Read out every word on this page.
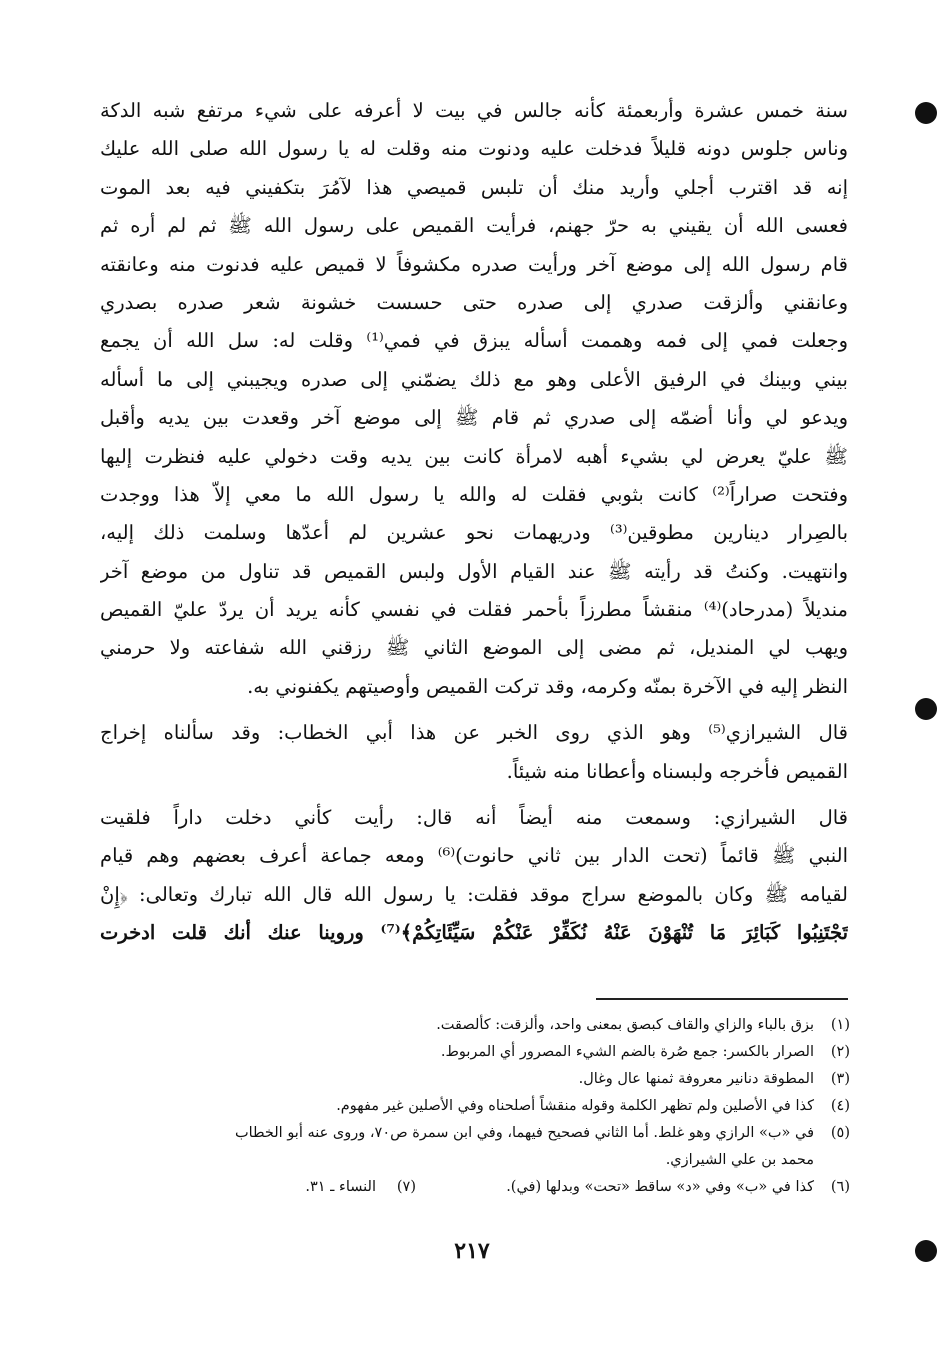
سنة خمس عشرة وأربعمئة كأنه جالس في بيت لا أعرفه على شيء مرتفع شبه الدكة
وناس جلوس دونه قليلاً فدخلت عليه ودنوت منه وقلت له يا رسول الله صلى الله عليك
إنه قد اقترب أجلي وأريد منك أن تلبس قميصي هذا لآمُرَ بتكفيني فيه بعد الموت
فعسى الله أن يقيني به حرّ جهنم، فرأيت القميص على رسول الله ﷺ ثم لم أره ثم
قام رسول الله إلى موضع آخر ورأيت صدره مكشوفاً لا قميص عليه فدنوت منه وعانقته
وعانقني وألزقت صدري إلى صدره حتى حسست خشونة شعر صدره بصدري
وجعلت فمي إلى فمه وهممت أسأله يبزق في فمي⁽¹⁾ وقلت له: سل الله أن يجمع
بيني وبينك في الرفيق الأعلى وهو مع ذلك يضمّني إلى صدره ويجيبني إلى ما أسأله
ويدعو لي وأنا أضمّه إلى صدري ثم قام ﷺ إلى موضع آخر وقعدت بين يديه وأقبل
ﷺ عليّ يعرض لي بشيء أهبه لامرأة كانت بين يديه وقت دخولي عليه فنظرت إليها
وفتحت صراراً⁽²⁾ كانت بثوبي فقلت له والله يا رسول الله ما معي إلاّ هذا ووجدت
بالصِرار دينارين مطوقين⁽³⁾ ودريهمات نحو عشرين لم أعدّها وسلمت ذلك إليه،
وانتهيت. وكنتُ قد رأيته ﷺ عند القيام الأول ولبس القميص قد تناول من موضع آخر
منديلاً (مدرحاد)⁽⁴⁾ منقشاً مطرزاً بأحمر فقلت في نفسي كأنه يريد أن يردّ عليّ القميص
ويهب لي المنديل، ثم مضى إلى الموضع الثاني ﷺ رزقني الله شفاعته ولا حرمني
النظر إليه في الآخرة بمنّه وكرمه، وقد تركت القميص وأوصيتهم يكفنوني به.
قال الشيرازي⁽⁵⁾ وهو الذي روى الخبر عن هذا أبي الخطاب: وقد سألناه إخراج
القميص فأخرجه ولبسناه وأعطانا منه شيئاً.
قال الشيرازي: وسمعت منه أيضاً أنه قال: رأيت كأني دخلت داراً فلقيت
النبي ﷺ قائماً (تحت الدار بين ثاني حانوت)⁽⁶⁾ ومعه جماعة أعرف بعضهم وهم قيام
لقيامه ﷺ وكان بالموضع سراج موقد فقلت: يا رسول الله قال الله تبارك وتعالى: ﴿إِنْ
تَجْتَنِبُوا كَبَائِرَ مَا تُنْهَوْنَ عَنْهُ نُكَفِّرْ عَنْكُمْ سَيِّئَاتِكُمْ﴾⁽⁷⁾ وروينا عنك أنك قلت ادخرت
(١)
بزق بالباء والزاي والقاف كبصق بمعنى واحد، وألزقت: كألصقت.
(٢)
الصرار بالكسر: جمع صُرة بالضم الشيء المصرور أي المربوط.
(٣)
المطوقة دنانير معروفة ثمنها عال وغال.
(٤)
كذا في الأصلين ولم تظهر الكلمة وقوله منقشاً أصلحناه وفي الأصلين غير مفهوم.
(٥)
في «ب» الرازي وهو غلط. أما الثاني فصحيح فيهما، وفي ابن سمرة ص٧٠، وروى عنه أبو الخطاب
محمد بن علي الشيرازي.
(٦)
كذا في «ب» وفي «د» ساقط «تحت» وبدلها (في).
(٧)
النساء ـ ٣١.
٢١٧
